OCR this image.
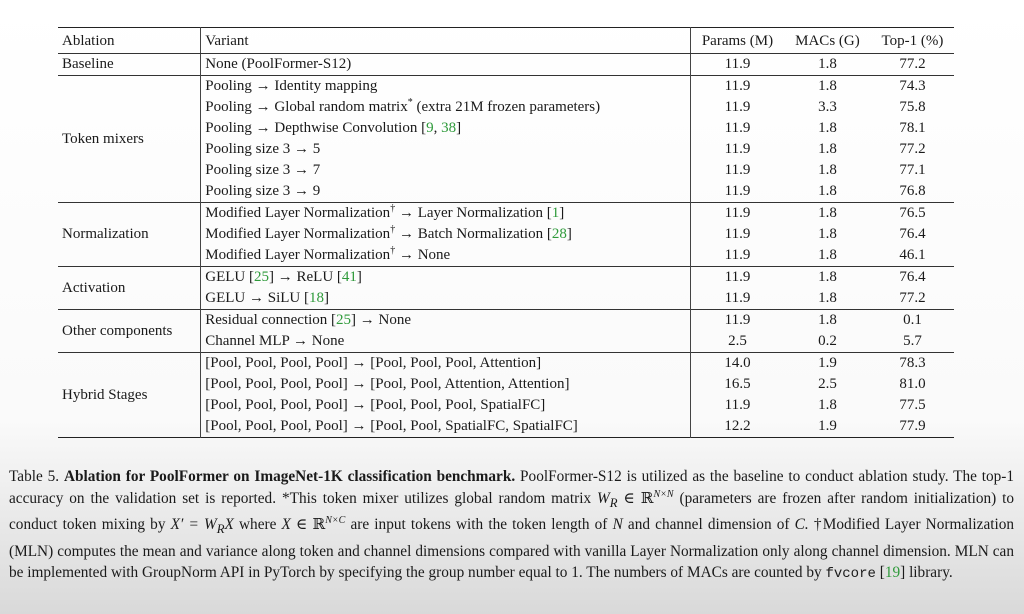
Ablation	Variant	Params (M)	MACs (G)	Top-1 (%)
Baseline	None (PoolFormer-S12)	11.9	1.8	77.2
Token mixers	Pooling → Identity mapping	11.9	1.8	74.3
	Pooling → Global random matrix* (extra 21M frozen parameters)	11.9	3.3	75.8
	Pooling → Depthwise Convolution [9, 38]	11.9	1.8	78.1
	Pooling size 3 → 5	11.9	1.8	77.2
	Pooling size 3 → 7	11.9	1.8	77.1
	Pooling size 3 → 9	11.9	1.8	76.8
Normalization	Modified Layer Normalization† → Layer Normalization [1]	11.9	1.8	76.5
	Modified Layer Normalization† → Batch Normalization [28]	11.9	1.8	76.4
	Modified Layer Normalization† → None	11.9	1.8	46.1
Activation	GELU [25] → ReLU [41]	11.9	1.8	76.4
	GELU → SiLU [18]	11.9	1.8	77.2
Other components	Residual connection [25] → None	11.9	1.8	0.1
	Channel MLP → None	2.5	0.2	5.7
Hybrid Stages	[Pool, Pool, Pool, Pool] → [Pool, Pool, Pool, Attention]	14.0	1.9	78.3
	[Pool, Pool, Pool, Pool] → [Pool, Pool, Attention, Attention]	16.5	2.5	81.0
	[Pool, Pool, Pool, Pool] → [Pool, Pool, Pool, SpatialFC]	11.9	1.8	77.5
	[Pool, Pool, Pool, Pool] → [Pool, Pool, SpatialFC, SpatialFC]	12.2	1.9	77.9
Table 5. Ablation for PoolFormer on ImageNet-1K classification benchmark. PoolFormer-S12 is utilized as the baseline to conduct ablation study. The top-1 accuracy on the validation set is reported. *This token mixer utilizes global random matrix $W_R$ ∈ ℝ$^{N\times N}$ (parameters are frozen after random initialization) to conduct token mixing by $X' = W_RX$ where X ∈ ℝ$^{N\times C}$ are input tokens with the token length of N and channel dimension of C. †Modified Layer Normalization (MLN) computes the mean and variance along token and channel dimensions compared with vanilla Layer Normalization only along channel dimension. MLN can be implemented with GroupNorm API in PyTorch by specifying the group number equal to 1. The numbers of MACs are counted by fvcore [19] library.
